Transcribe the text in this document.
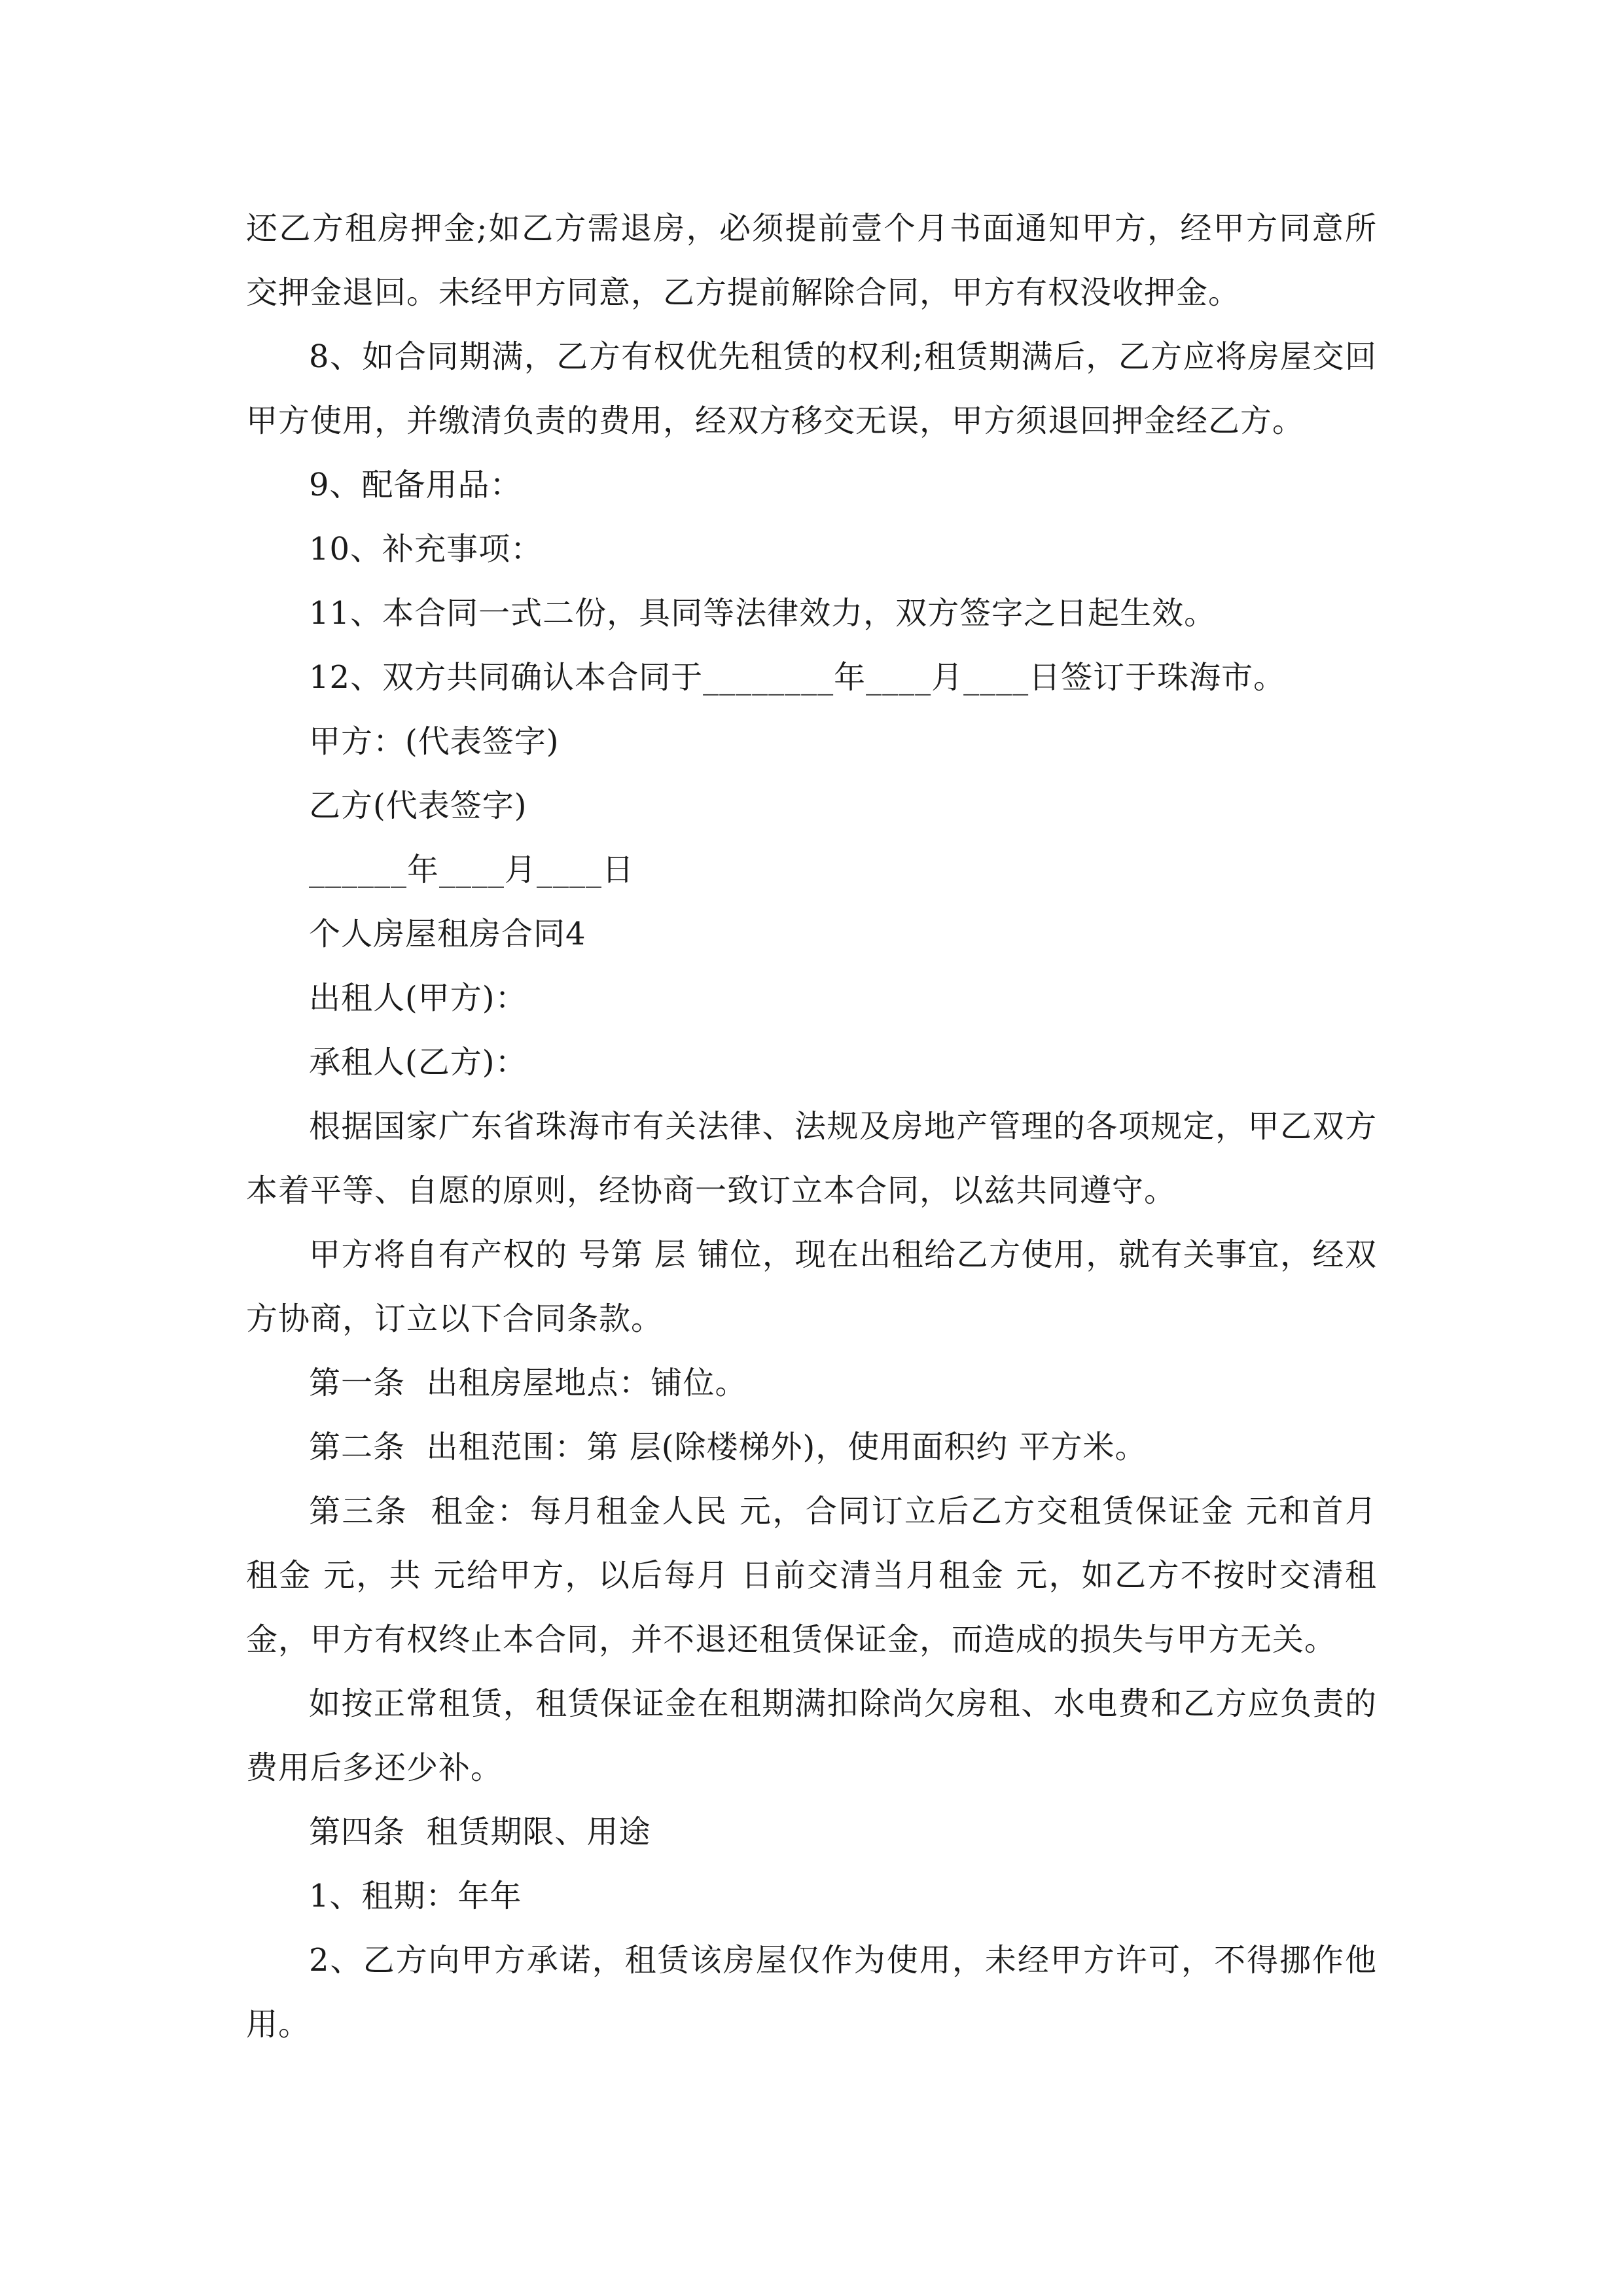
还乙方租房押金;如乙方需退房，必须提前壹个月书面通知甲方，经甲方同意所交押金退回。未经甲方同意，乙方提前解除合同，甲方有权没收押金。

8、如合同期满，乙方有权优先租赁的权利;租赁期满后，乙方应将房屋交回甲方使用，并缴清负责的费用，经双方移交无误，甲方须退回押金经乙方。

9、配备用品：

10、补充事项：

11、本合同一式二份，具同等法律效力，双方签字之日起生效。

12、双方共同确认本合同于________年____月____日签订于珠海市。

甲方：(代表签字)

乙方(代表签字)

______年____月____日

个人房屋租房合同4

出租人(甲方)：

承租人(乙方)：

根据国家广东省珠海市有关法律、法规及房地产管理的各项规定，甲乙双方本着平等、自愿的原则，经协商一致订立本合同，以兹共同遵守。

甲方将自有产权的 号第 层 铺位，现在出租给乙方使用，就有关事宜，经双方协商，订立以下合同条款。

第一条  出租房屋地点：铺位。

第二条  出租范围：第 层(除楼梯外)，使用面积约 平方米。

第三条  租金：每月租金人民 元，合同订立后乙方交租赁保证金 元和首月租金 元，共 元给甲方，以后每月 日前交清当月租金 元，如乙方不按时交清租金，甲方有权终止本合同，并不退还租赁保证金，而造成的损失与甲方无关。

如按正常租赁，租赁保证金在租期满扣除尚欠房租、水电费和乙方应负责的费用后多还少补。

第四条  租赁期限、用途

1、租期：年年

2、乙方向甲方承诺，租赁该房屋仅作为使用，未经甲方许可，不得挪作他用。
